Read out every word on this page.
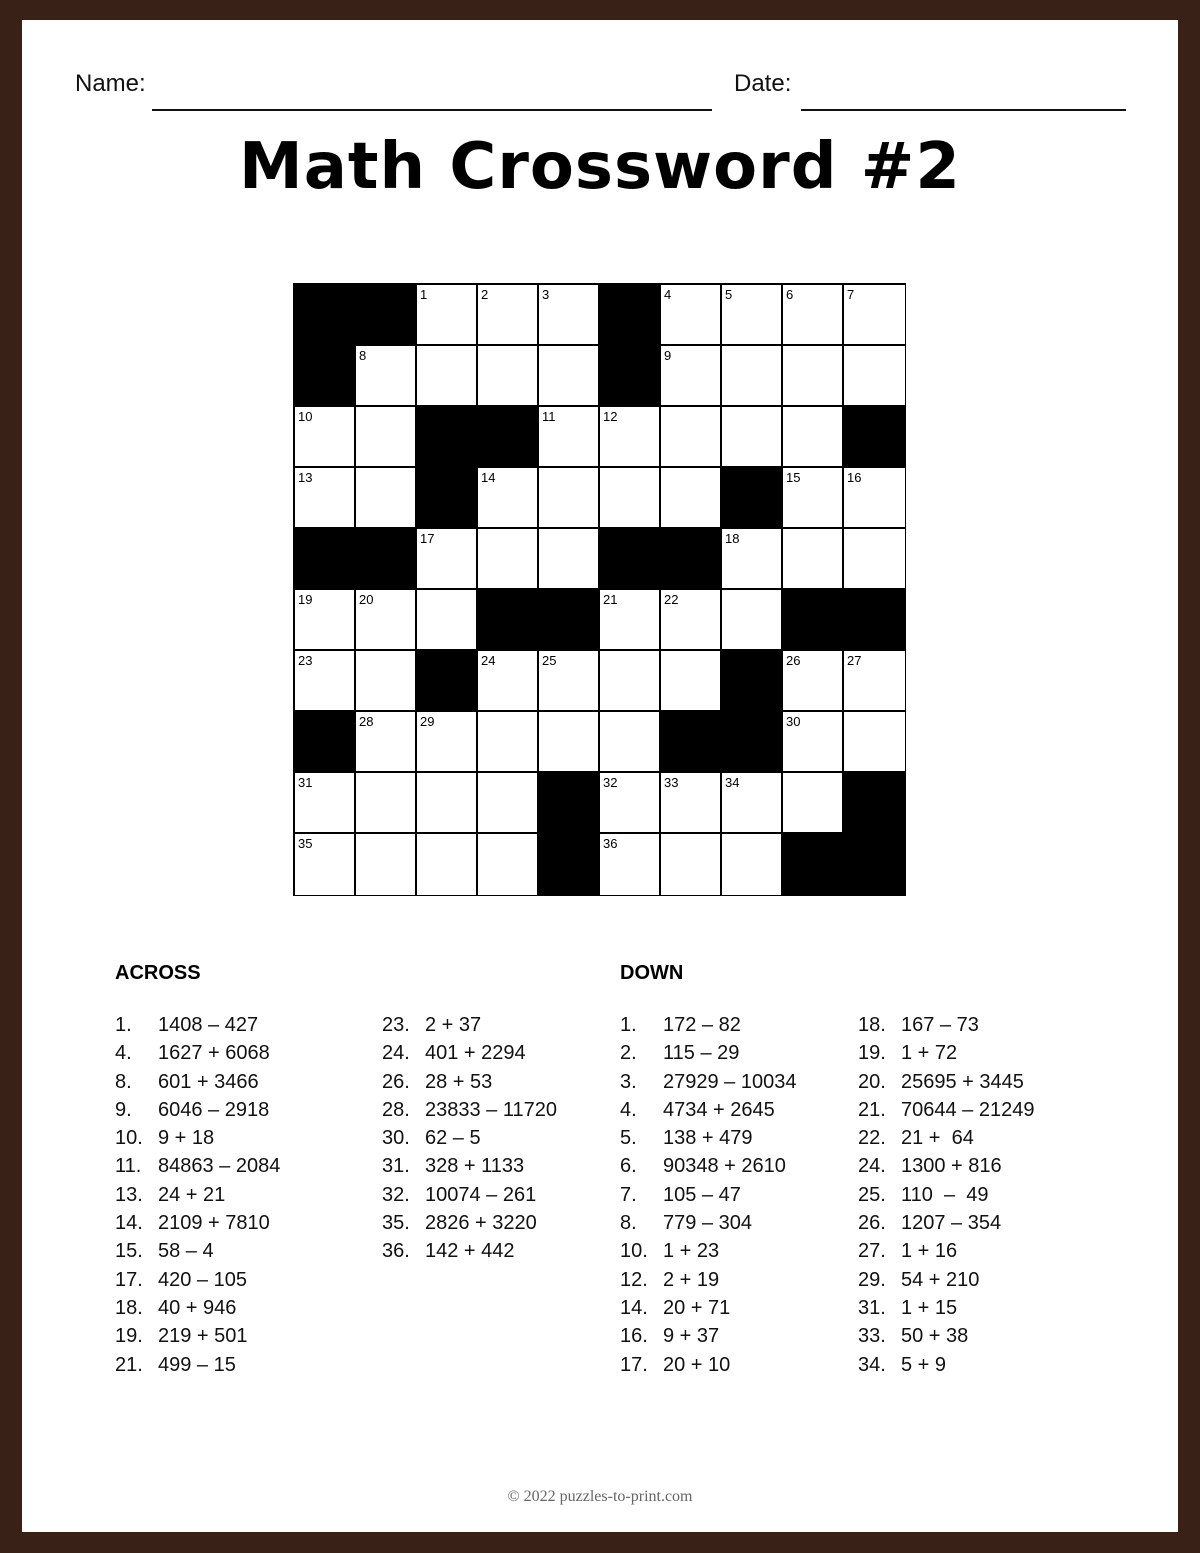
Name:	Date:
Math Crossword #2
1	2	3	4	5	6	7
8	9
10	11	12
13	14	15	16
17	18
19	20	21	22
23	24	25	26	27
28	29	30
31	32	33	34
35	36
ACROSS
1. 1408 – 427
4. 1627 + 6068
8. 601 + 3466
9. 6046 – 2918
10. 9 + 18
11. 84863 – 2084
13. 24 + 21
14. 2109 + 7810
15. 58 – 4
17. 420 – 105
18. 40 + 946
19. 219 + 501
21. 499 – 15
23. 2 + 37
24. 401 + 2294
26. 28 + 53
28. 23833 – 11720
30. 62 – 5
31. 328 + 1133
32. 10074 – 261
35. 2826 + 3220
36. 142 + 442
DOWN
1. 172 – 82
2. 115 – 29
3. 27929 – 10034
4. 4734 + 2645
5. 138 + 479
6. 90348 + 2610
7. 105 – 47
8. 779 – 304
10. 1 + 23
12. 2 + 19
14. 20 + 71
16. 9 + 37
17. 20 + 10
18. 167 – 73
19. 1 + 72
20. 25695 + 3445
21. 70644 – 21249
22. 21 +  64
24. 1300 + 816
25. 110  –  49
26. 1207 – 354
27. 1 + 16
29. 54 + 210
31. 1 + 15
33. 50 + 38
34. 5 + 9
© 2022 puzzles-to-print.com
